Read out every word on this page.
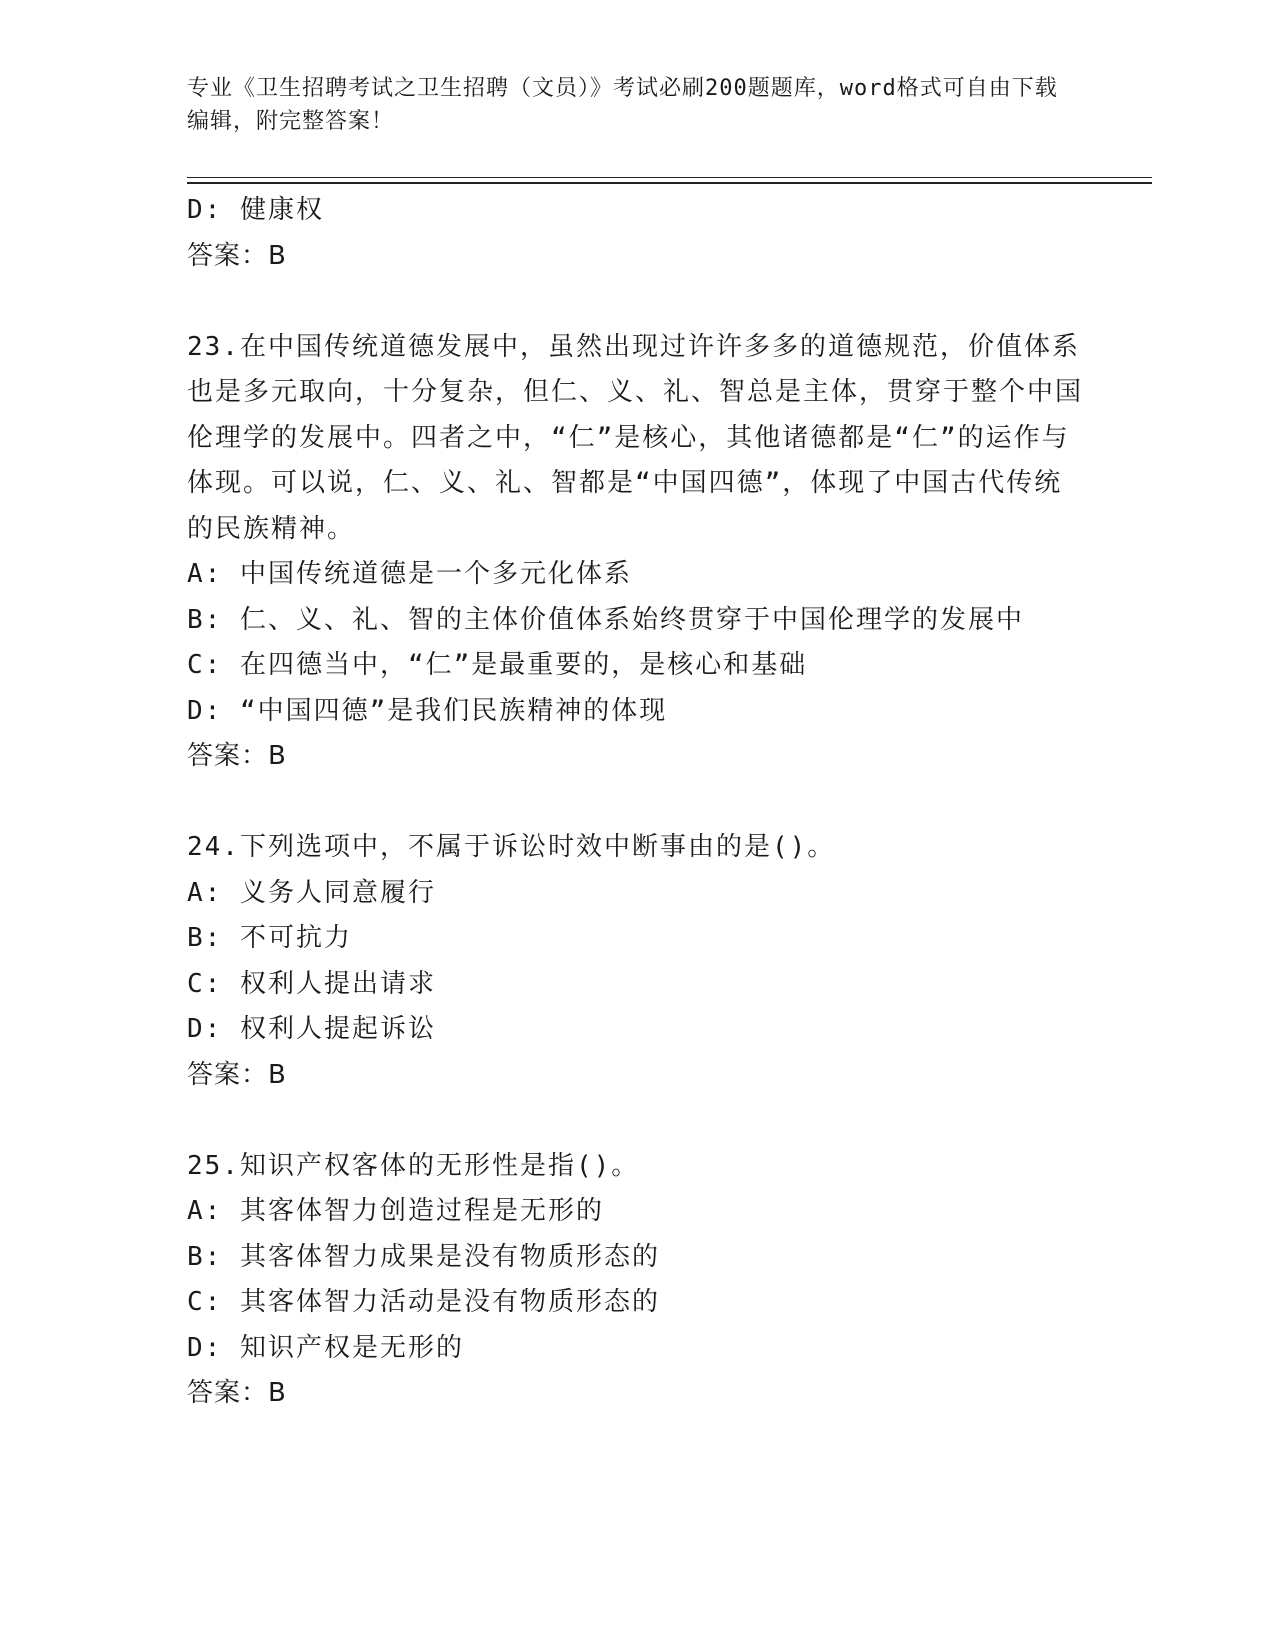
专业《卫生招聘考试之卫生招聘（文员）》考试必刷200题题库，word格式可自由下载编辑，附完整答案！
D: 健康权
答案：B
23.在中国传统道德发展中，虽然出现过许许多多的道德规范，价值体系也是多元取向，十分复杂，但仁、义、礼、智总是主体，贯穿于整个中国伦理学的发展中。四者之中，“仁”是核心，其他诸德都是“仁”的运作与体现。可以说，仁、义、礼、智都是“中国四德”，体现了中国古代传统的民族精神。
A: 中国传统道德是一个多元化体系
B: 仁、义、礼、智的主体价值体系始终贯穿于中国伦理学的发展中
C: 在四德当中，“仁”是最重要的，是核心和基础
D: “中国四德”是我们民族精神的体现
答案：B
24.下列选项中，不属于诉讼时效中断事由的是()。
A: 义务人同意履行
B: 不可抗力
C: 权利人提出请求
D: 权利人提起诉讼
答案：B
25.知识产权客体的无形性是指()。
A: 其客体智力创造过程是无形的
B: 其客体智力成果是没有物质形态的
C: 其客体智力活动是没有物质形态的
D: 知识产权是无形的
答案：B
